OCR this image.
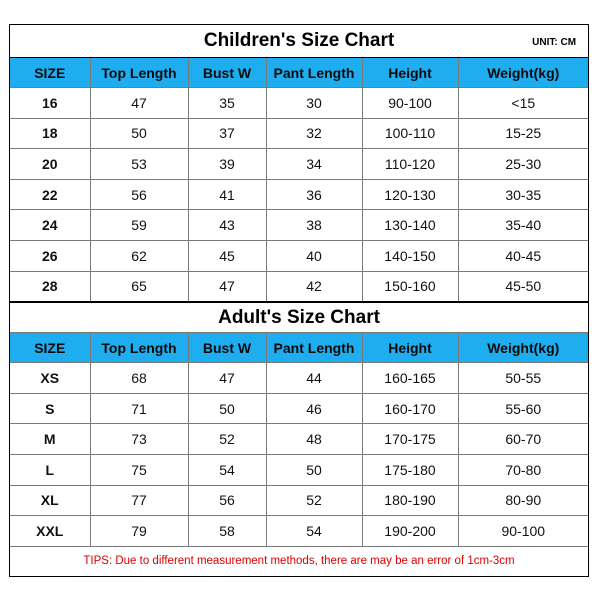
Children's Size Chart UNIT: CM					

SIZE	Top Length	Bust W	Pant Length	Height	Weight(kg)
16	47	35	30	90-100	<15
18	50	37	32	100-110	15-25
20	53	39	34	110-120	25-30
22	56	41	36	120-130	30-35
24	59	43	38	130-140	35-40
26	62	45	40	140-150	40-45
28	65	47	42	150-160	45-50
Adult's Size Chart					
SIZE	Top Length	Bust W	Pant Length	Height	Weight(kg)
XS	68	47	44	160-165	50-55
S	71	50	46	160-170	55-60
M	73	52	48	170-175	60-70
L	75	54	50	175-180	70-80
XL	77	56	52	180-190	80-90
XXL	79	58	54	190-200	90-100
TIPS: Due to different measurement methods, there are may be an error of 1cm-3cm					
